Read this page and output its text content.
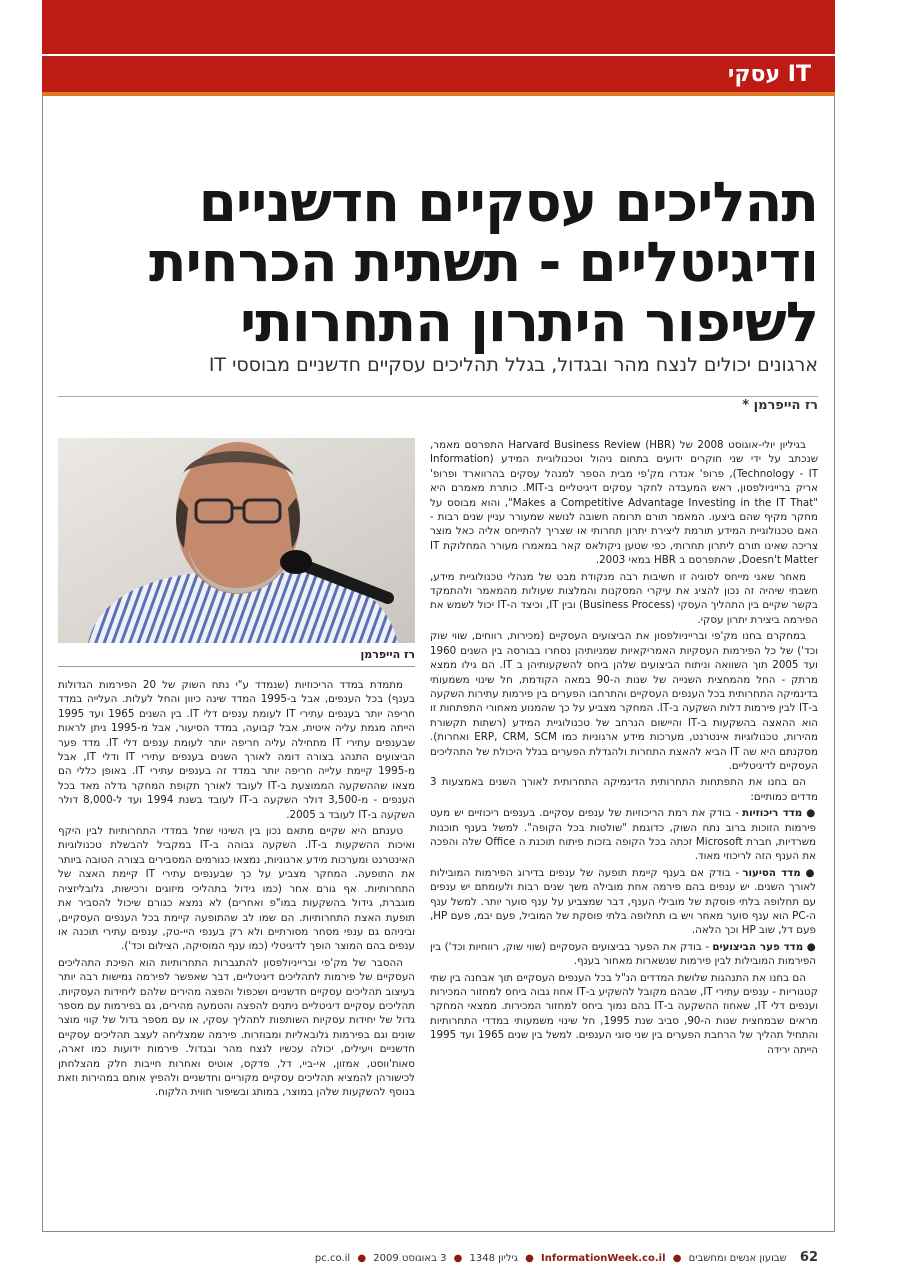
IT עסקי
תהליכים עסקיים חדשניים ודיגיטליים - תשתית הכרחית לשיפור היתרון התחרותי

ארגונים יכולים לנצח מהר ובגדול, בגלל תהליכים עסקיים חדשניים מבוססי IT

רז הייפרמן *

בגיליון יולי-אוגוסט 2008 של Harvard Business Review (HBR) התפרסם מאמר, שנכתב על ידי שני חוקרים ידועים בתחום ניהול וטכנולוגיית המידע (Information Technology - IT), פרופ' אנדרו מק'פי מבית הספר למנהל עסקים בהרווארד ופרופ' אריק ברייניולפסון, ראש המעבדה לחקר עסקים דיגיטליים ב-MIT. כותרת מאמרם היא "Makes a Competitive Advantage Investing in the IT That", והוא מבוסס על מחקר מקיף שהם ביצעו. המאמר תורם תרומה חשובה לנושא שמעורר עניין שנים רבות - האם טכנולוגיית המידע תורמת ליצירת יתרון תחרותי או שצריך להתייחס אליה כאל מוצר צריכה שאינו תורם ליתרון תחרותי, כפי שטען ניקולאס קאר במאמרו מעורר המחלוקת IT Doesn't Matter, שהתפרסם ב HBR במאי 2003.

מאחר שאני מייחס לסוגיה זו חשיבות רבה מנקודת מבט של מנהלי טכנולוגיית מידע, חשבתי שיהיה זה נכון להציג את עיקרי המסקנות והמלצות שעולות מהמאמר ולהתמקד בקשר שקיים בין התהליך העסקי (Business Process) ובין IT, וכיצד ה-IT יכול לשמש את הפירמה ביצירת יתרון עסקי.

במחקרם בחנו מק'פי וברייניולפסון את הביצועים העסקיים (מכירות, רווחים, שווי שוק וכד') של כל הפירמות העסקיות האמריקאיות שמניותיהן נסחרו בבורסה בין השנים 1960 ועד 2005 תוך השוואה וניתוח הביצועים שלהן ביחס להשקעותיהן ב IT. הם גילו ממצא מרתק - החל מהמחצית השנייה של שנות ה-90 במאה הקודמת, חל שינוי משמעותי בדינמיקה התחרותית בכל הענפים העסקיים והתרחבו הפערים בין פירמות עתירות השקעה ב-IT לבין פירמות דלות השקעה ב-IT. המחקר מצביע על כך שהמנוע מאחורי התפתחות זו הוא ההאצה בהשקעות ב-IT והיישום הנרחב של טכנולוגיית המידע (רשתות תקשורת מהירות, טכנולוגיות אינטרנט, מערכות מידע ארגוניות כמו ERP, CRM, SCM ואחרות). מסקנתם היא שה IT הביא להאצת התחרות ולהגדלת הפערים בגלל היכולת של התהליכים העסקיים לדיגיטליים.

הם בחנו את התפתחות התחרותית הדינמיקה התחרותית לאורך השנים באמצעות 3 מדדים כמותיים:

● מדד ריכוזיות - בודק את רמת הריכוזיות של ענפים עסקיים. בענפים ריכוזיים יש מעט פירמות הזוכות ברוב נתח השוק, כדוגמת "שולטות בכל הקופה". למשל בענף תוכנות משרדיות, חברת Microsoft זכתה בכל הקופה בזכות פיתוח תוכנת ה Office שלה והפכה את הענף הזה לריכוזי מאוד.
● מדד הסיעור - בודק אם בענף קיימת תופעה של ענפים בדירוג הפירמות המובילות לאורך השנים. יש ענפים בהם פירמה אחת מובילה משך שנים רבות ולעומתם יש ענפים עם תחלופה בלתי פוסקת של מובילי הענף, דבר שמצביע על ענף סוער יותר. למשל ענף ה-PC הוא ענף סוער מאחר ויש בו תחלופה בלתי פוסקת של המוביל, פעם יבמ, פעם HP, פעם דל, שוב HP וכך הלאה.
● מדד פער הביצועים - בודק את הפער בביצועים העסקיים (שווי שוק, רווחיות וכד') בין הפירמות המובילות לבין פירמות שנשארות מאחור בענף.

הם בחנו את התנהגות שלושת המדדים הנ"ל בכל הענפים העסקיים תוך אבחנה בין שתי קטגוריות - ענפים עתירי IT, שבהם מקובל להשקיע ב-IT אחוז גבוה ביחס למחזור המכירות וענפים דלי IT, שאחוז ההשקעה ב-IT בהם נמוך ביחס למחזור המכירות. ממצאי המחקר מראים שבמחצית שנות ה-90, סביב שנת 1995, חל שינוי משמעותי במדדי התחרותיות והתחיל תהליך של הרחבת הפערים בין שני סוגי הענפים. למשל בין שנים 1965 ועד 1995 הייתה ירידה

רז הייפרמן

מתמדת במדד הריכוזיות (שנמדד ע"י נתח השוק של 20 הפירמות הגדולות בענף) בכל הענפים, אבל ב-1995 המדד שינה כיוון והחל לעלות. העלייה במדד חריפה יותר בענפים עתירי IT לעומת ענפים דלי IT. בין השנים 1965 ועד 1995 הייתה מגמת עליה איטית, אבל קבועה, במדד הסיעור, אבל מ-1995 ניתן לראות שבענפים עתירי IT מתחילה עליה חריפה יותר לעומת ענפים דלי IT. מדד פער הביצועים התנהג בצורה דומה לאורך השנים בענפים עתירי IT ודלי IT, אבל מ-1995 קיימת עלייה חריפה יותר במדד זה בענפים עתירי IT. באופן כללי הם מצאו שההשקעה הממוצעת ב-IT לעובד לאורך תקופת המחקר גדלה מאד בכל הענפים - מ-3,500 דולר השקעה ב-IT לעובד בשנת 1994 ועד ל-8,000 דולר השקעה ב-IT לעובד ב 2005.

טענתם היא שקיים מתאם נכון בין השינוי שחל במדדי התחרותיות לבין היקף ואיכות ההשקעות ב-IT. השקעה גבוהה ב-IT במקביל להבשלת טכנולוגיות האינטרנט ומערכות מידע ארגוניות, נמצאו כגורמים המסבירים בצורה הטובה ביותר את התופעה. המחקר מצביע על כך שבענפים עתירי IT קיימת האצה של התחרותיות. אף גורם אחר (כמו גידול בתהליכי מיזוגים ורכישות, גלובליזציה מוגברת, גידול בהשקעות במו"פ ואחרים) לא נמצא כגורם שיכול להסביר את תופעת האצת התחרותיות. הם שמו לב שהתופעה קיימת בכל הענפים העסקיים, וביניהם גם ענפי מסחר מסורתיים ולא רק בענפי היי-טק, ענפים עתירי תוכנה או ענפים בהם המוצר הופך לדיגיטלי (כמו ענף המוסיקה, הצילום וכד').

ההסבר של מק'פי וברייניולפסון להתגברות התחרותיות הוא הפיכת התהליכים העסקיים של פירמות לתהליכים דיגיטליים, דבר שאפשר לפירמה גמישות רבה יותר בעיצוב תהליכים עסקיים חדשניים ושכפול והפצה מהירים שלהם ליחידות העסקיות. תהליכים עסקיים דיגיטליים ניתנים להפצה והטמעה מהירים, גם בפירמות עם מספר גדול של יחידות עסקיות השותפות לתהליך עסקי, או עם מספר גדול של קווי מוצר שונים וגם בפירמות גלובאליות ומבוזרות. פירמה שמצליחה לעצב תהליכים עסקיים חדשניים ויעילים, יכולה עכשיו לנצח מהר ובגדול. פירמות ידועות כמו זארה, סאות'ווסט, אמזון, אי-ביי, דל, פדקס, אוטיס ואחרות חייבות חלק מהצלחתן לכישורהן להמציא תהליכים עסקיים מקוריים וחדשניים ולהפיץ אותם במהירות וזאת בנוסף להשקעות שלהן במוצר, במותג ובשיפור חווית הלקוח.

62 שבועון אנשים ומחשבים ● InformationWeek.co.il ● גיליון 1348 ● 3 באוגוסט 2009 ● pc.co.il
